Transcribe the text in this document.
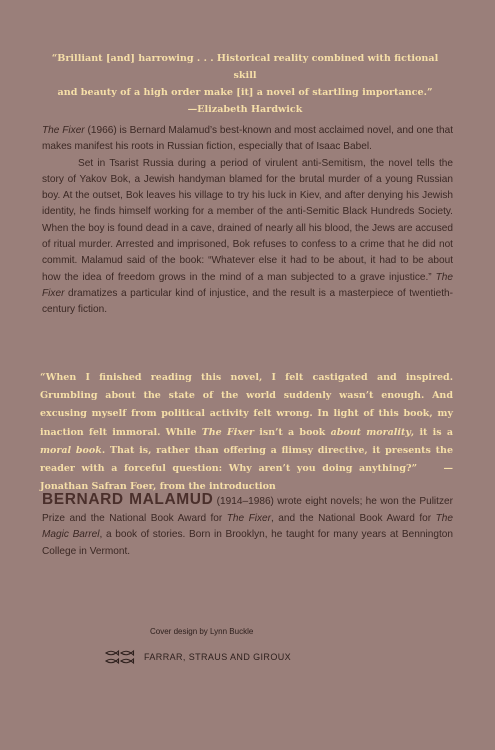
“Brilliant [and] harrowing . . . Historical reality combined with fictional skill
and beauty of a high order make [it] a novel of startling importance.”
—Elizabeth Hardwick

The Fixer (1966) is Bernard Malamud’s best-known and most acclaimed novel, and one that makes manifest his roots in Russian fiction, especially that of Isaac Babel.

Set in Tsarist Russia during a period of virulent anti-Semitism, the novel tells the story of Yakov Bok, a Jewish handyman blamed for the brutal murder of a young Russian boy. At the outset, Bok leaves his village to try his luck in Kiev, and after denying his Jewish identity, he finds himself working for a member of the anti-Semitic Black Hundreds Society. When the boy is found dead in a cave, drained of nearly all his blood, the Jews are accused of ritual murder. Arrested and imprisoned, Bok refuses to confess to a crime that he did not commit. Malamud said of the book: “Whatever else it had to be about, it had to be about how the idea of freedom grows in the mind of a man subjected to a grave injustice.” The Fixer dramatizes a particular kind of injustice, and the result is a masterpiece of twentieth-century fiction.

“When I finished reading this novel, I felt castigated and inspired. Grumbling about the state of the world suddenly wasn’t enough. And excusing myself from political activity felt wrong. In light of this book, my inaction felt immoral. While The Fixer isn’t a book about morality, it is a moral book. That is, rather than offering a flimsy directive, it presents the reader with a forceful question: Why aren’t you doing anything?”	—Jonathan Safran Foer, from the introduction
BERNARD MALAMUD (1914–1986) wrote eight novels; he won the Pulitzer Prize and the National Book Award for The Fixer, and the National Book Award for The Magic Barrel, a book of stories. Born in Brooklyn, he taught for many years at Bennington College in Vermont.
Cover design by Lynn Buckle
FARRAR, STRAUS AND GIROUX
